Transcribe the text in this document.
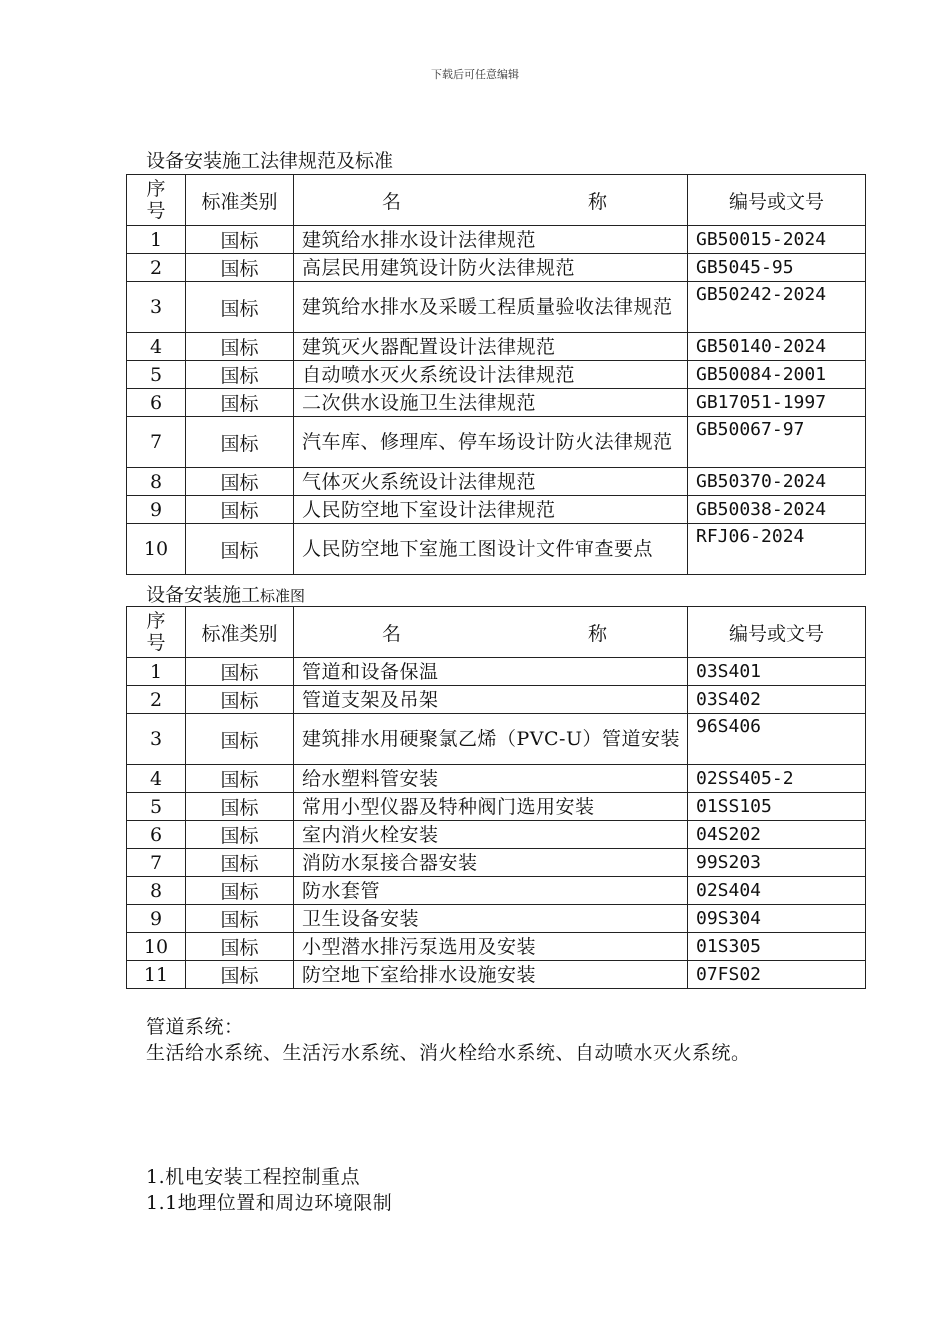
下载后可任意编辑
设备安装施工法律规范及标准
序
号	标准类别	名 称	编号或文号
1	国标	建筑给水排水设计法律规范	GB50015-2024
2	国标	高层民用建筑设计防火法律规范	GB5045-95
3	国标	建筑给水排水及采暖工程质量验收法律规范	GB50242-2024
4	国标	建筑灭火器配置设计法律规范	GB50140-2024
5	国标	自动喷水灭火系统设计法律规范	GB50084-2001
6	国标	二次供水设施卫生法律规范	GB17051-1997
7	国标	汽车库、修理库、停车场设计防火法律规范	GB50067-97
8	国标	气体灭火系统设计法律规范	GB50370-2024
9	国标	人民防空地下室设计法律规范	GB50038-2024
10	国标	人民防空地下室施工图设计文件审查要点	RFJ06-2024
设备安装施工标准图
序
号	标准类别	名 称	编号或文号
1	国标	管道和设备保温	03S401
2	国标	管道支架及吊架	03S402
3	国标	建筑排水用硬聚氯乙烯（PVC-U）管道安装	96S406
4	国标	给水塑料管安装	02SS405-2
5	国标	常用小型仪器及特种阀门选用安装	01SS105
6	国标	室内消火栓安装	04S202
7	国标	消防水泵接合器安装	99S203
8	国标	防水套管	02S404
9	国标	卫生设备安装	09S304
10	国标	小型潜水排污泵选用及安装	01S305
11	国标	防空地下室给排水设施安装	07FS02
管道系统：
生活给水系统、生活污水系统、消火栓给水系统、自动喷水灭火系统。
1.机电安装工程控制重点
1.1地理位置和周边环境限制
